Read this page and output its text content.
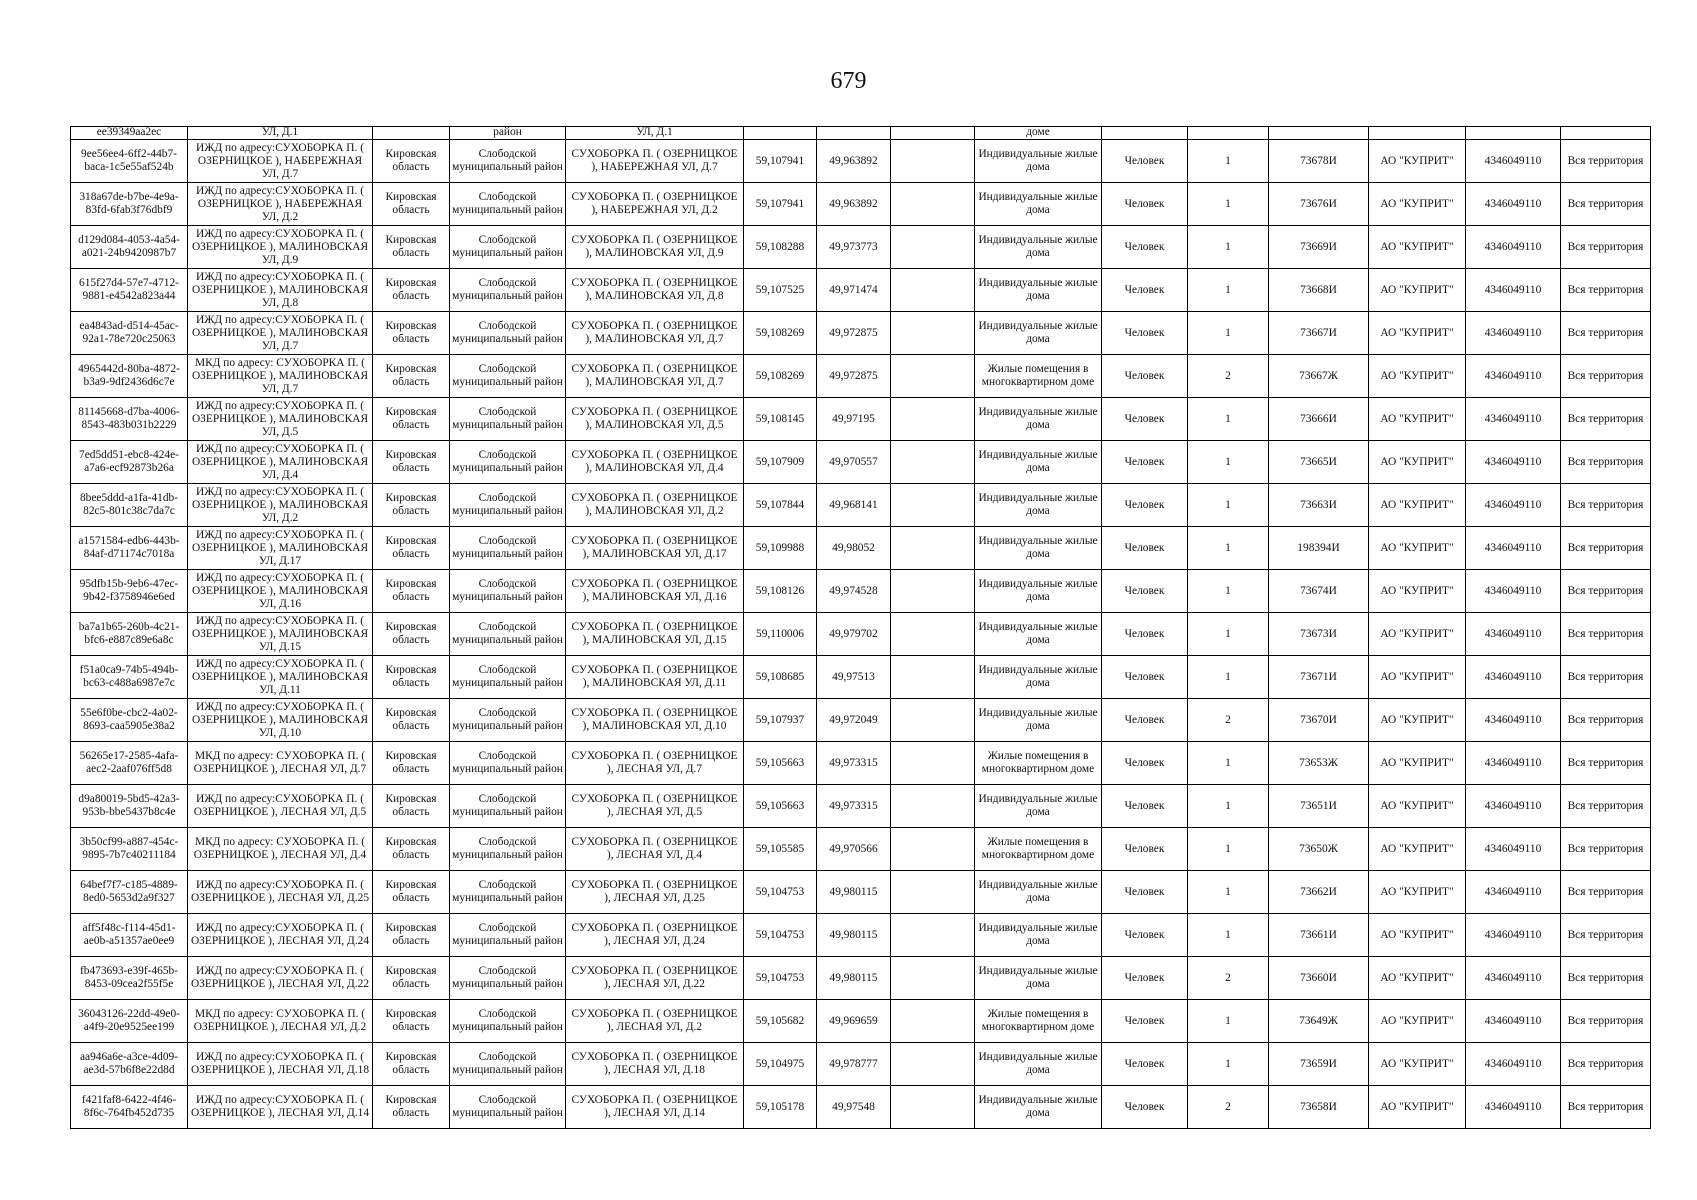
679
ee39349aa2ec	УЛ, Д.1		район	УЛ, Д.1				доме						
9ee56ee4-6ff2-44b7-baca-1c5e55af524b	ИЖД по адресу:СУХОБОРКА П. ( ОЗЕРНИЦКОЕ ), НАБЕРЕЖНАЯ УЛ, Д.7	Кировская область	Слободской муниципальный район	СУХОБОРКА П. ( ОЗЕРНИЦКОЕ ), НАБЕРЕЖНАЯ УЛ, Д.7	59,107941	49,963892		Индивидуальные жилые дома	Человек	1	73678И	АО "КУПРИТ"	4346049110	Вся территория
318a67de-b7be-4e9a-83fd-6fab3f76dbf9	ИЖД по адресу:СУХОБОРКА П. ( ОЗЕРНИЦКОЕ ), НАБЕРЕЖНАЯ УЛ, Д.2	Кировская область	Слободской муниципальный район	СУХОБОРКА П. ( ОЗЕРНИЦКОЕ ), НАБЕРЕЖНАЯ УЛ, Д.2	59,107941	49,963892		Индивидуальные жилые дома	Человек	1	73676И	АО "КУПРИТ"	4346049110	Вся территория
d129d084-4053-4a54-a021-24b9420987b7	ИЖД по адресу:СУХОБОРКА П. ( ОЗЕРНИЦКОЕ ), МАЛИНОВСКАЯ УЛ, Д.9	Кировская область	Слободской муниципальный район	СУХОБОРКА П. ( ОЗЕРНИЦКОЕ ), МАЛИНОВСКАЯ УЛ, Д.9	59,108288	49,973773		Индивидуальные жилые дома	Человек	1	73669И	АО "КУПРИТ"	4346049110	Вся территория
615f27d4-57e7-4712-9881-e4542a823a44	ИЖД по адресу:СУХОБОРКА П. ( ОЗЕРНИЦКОЕ ), МАЛИНОВСКАЯ УЛ, Д.8	Кировская область	Слободской муниципальный район	СУХОБОРКА П. ( ОЗЕРНИЦКОЕ ), МАЛИНОВСКАЯ УЛ, Д.8	59,107525	49,971474		Индивидуальные жилые дома	Человек	1	73668И	АО "КУПРИТ"	4346049110	Вся территория
ea4843ad-d514-45ac-92a1-78e720c25063	ИЖД по адресу:СУХОБОРКА П. ( ОЗЕРНИЦКОЕ ), МАЛИНОВСКАЯ УЛ, Д.7	Кировская область	Слободской муниципальный район	СУХОБОРКА П. ( ОЗЕРНИЦКОЕ ), МАЛИНОВСКАЯ УЛ, Д.7	59,108269	49,972875		Индивидуальные жилые дома	Человек	1	73667И	АО "КУПРИТ"	4346049110	Вся территория
4965442d-80ba-4872-b3a9-9df2436d6c7e	МКД по адресу: СУХОБОРКА П. ( ОЗЕРНИЦКОЕ ), МАЛИНОВСКАЯ УЛ, Д.7	Кировская область	Слободской муниципальный район	СУХОБОРКА П. ( ОЗЕРНИЦКОЕ ), МАЛИНОВСКАЯ УЛ, Д.7	59,108269	49,972875		Жилые помещения в многоквартирном доме	Человек	2	73667Ж	АО "КУПРИТ"	4346049110	Вся территория
81145668-d7ba-4006-8543-483b031b2229	ИЖД по адресу:СУХОБОРКА П. ( ОЗЕРНИЦКОЕ ), МАЛИНОВСКАЯ УЛ, Д.5	Кировская область	Слободской муниципальный район	СУХОБОРКА П. ( ОЗЕРНИЦКОЕ ), МАЛИНОВСКАЯ УЛ, Д.5	59,108145	49,97195		Индивидуальные жилые дома	Человек	1	73666И	АО "КУПРИТ"	4346049110	Вся территория
7ed5dd51-ebc8-424e-a7a6-ecf92873b26a	ИЖД по адресу:СУХОБОРКА П. ( ОЗЕРНИЦКОЕ ), МАЛИНОВСКАЯ УЛ, Д.4	Кировская область	Слободской муниципальный район	СУХОБОРКА П. ( ОЗЕРНИЦКОЕ ), МАЛИНОВСКАЯ УЛ, Д.4	59,107909	49,970557		Индивидуальные жилые дома	Человек	1	73665И	АО "КУПРИТ"	4346049110	Вся территория
8bee5ddd-a1fa-41db-82c5-801c38c7da7c	ИЖД по адресу:СУХОБОРКА П. ( ОЗЕРНИЦКОЕ ), МАЛИНОВСКАЯ УЛ, Д.2	Кировская область	Слободской муниципальный район	СУХОБОРКА П. ( ОЗЕРНИЦКОЕ ), МАЛИНОВСКАЯ УЛ, Д.2	59,107844	49,968141		Индивидуальные жилые дома	Человек	1	73663И	АО "КУПРИТ"	4346049110	Вся территория
a1571584-edb6-443b-84af-d71174c7018a	ИЖД по адресу:СУХОБОРКА П. ( ОЗЕРНИЦКОЕ ), МАЛИНОВСКАЯ УЛ, Д.17	Кировская область	Слободской муниципальный район	СУХОБОРКА П. ( ОЗЕРНИЦКОЕ ), МАЛИНОВСКАЯ УЛ, Д.17	59,109988	49,98052		Индивидуальные жилые дома	Человек	1	198394И	АО "КУПРИТ"	4346049110	Вся территория
95dfb15b-9eb6-47ec-9b42-f3758946e6ed	ИЖД по адресу:СУХОБОРКА П. ( ОЗЕРНИЦКОЕ ), МАЛИНОВСКАЯ УЛ, Д.16	Кировская область	Слободской муниципальный район	СУХОБОРКА П. ( ОЗЕРНИЦКОЕ ), МАЛИНОВСКАЯ УЛ, Д.16	59,108126	49,974528		Индивидуальные жилые дома	Человек	1	73674И	АО "КУПРИТ"	4346049110	Вся территория
ba7a1b65-260b-4c21-bfc6-e887c89e6a8c	ИЖД по адресу:СУХОБОРКА П. ( ОЗЕРНИЦКОЕ ), МАЛИНОВСКАЯ УЛ, Д.15	Кировская область	Слободской муниципальный район	СУХОБОРКА П. ( ОЗЕРНИЦКОЕ ), МАЛИНОВСКАЯ УЛ, Д.15	59,110006	49,979702		Индивидуальные жилые дома	Человек	1	73673И	АО "КУПРИТ"	4346049110	Вся территория
f51a0ca9-74b5-494b-bc63-c488a6987e7c	ИЖД по адресу:СУХОБОРКА П. ( ОЗЕРНИЦКОЕ ), МАЛИНОВСКАЯ УЛ, Д.11	Кировская область	Слободской муниципальный район	СУХОБОРКА П. ( ОЗЕРНИЦКОЕ ), МАЛИНОВСКАЯ УЛ, Д.11	59,108685	49,97513		Индивидуальные жилые дома	Человек	1	73671И	АО "КУПРИТ"	4346049110	Вся территория
55e6f0be-cbc2-4a02-8693-caa5905e38a2	ИЖД по адресу:СУХОБОРКА П. ( ОЗЕРНИЦКОЕ ), МАЛИНОВСКАЯ УЛ, Д.10	Кировская область	Слободской муниципальный район	СУХОБОРКА П. ( ОЗЕРНИЦКОЕ ), МАЛИНОВСКАЯ УЛ, Д.10	59,107937	49,972049		Индивидуальные жилые дома	Человек	2	73670И	АО "КУПРИТ"	4346049110	Вся территория
56265e17-2585-4afa-aec2-2aaf076ff5d8	МКД по адресу: СУХОБОРКА П. ( ОЗЕРНИЦКОЕ ), ЛЕСНАЯ УЛ, Д.7	Кировская область	Слободской муниципальный район	СУХОБОРКА П. ( ОЗЕРНИЦКОЕ ), ЛЕСНАЯ УЛ, Д.7	59,105663	49,973315		Жилые помещения в многоквартирном доме	Человек	1	73653Ж	АО "КУПРИТ"	4346049110	Вся территория
d9a80019-5bd5-42a3-953b-bbe5437b8c4e	ИЖД по адресу:СУХОБОРКА П. ( ОЗЕРНИЦКОЕ ), ЛЕСНАЯ УЛ, Д.5	Кировская область	Слободской муниципальный район	СУХОБОРКА П. ( ОЗЕРНИЦКОЕ ), ЛЕСНАЯ УЛ, Д.5	59,105663	49,973315		Индивидуальные жилые дома	Человек	1	73651И	АО "КУПРИТ"	4346049110	Вся территория
3b50cf99-a887-454c-9895-7b7c40211184	МКД по адресу: СУХОБОРКА П. ( ОЗЕРНИЦКОЕ ), ЛЕСНАЯ УЛ, Д.4	Кировская область	Слободской муниципальный район	СУХОБОРКА П. ( ОЗЕРНИЦКОЕ ), ЛЕСНАЯ УЛ, Д.4	59,105585	49,970566		Жилые помещения в многоквартирном доме	Человек	1	73650Ж	АО "КУПРИТ"	4346049110	Вся территория
64bef7f7-c185-4889-8ed0-5653d2a9f327	ИЖД по адресу:СУХОБОРКА П. ( ОЗЕРНИЦКОЕ ), ЛЕСНАЯ УЛ, Д.25	Кировская область	Слободской муниципальный район	СУХОБОРКА П. ( ОЗЕРНИЦКОЕ ), ЛЕСНАЯ УЛ, Д.25	59,104753	49,980115		Индивидуальные жилые дома	Человек	1	73662И	АО "КУПРИТ"	4346049110	Вся территория
aff5f48c-f114-45d1-ae0b-a51357ae0ee9	ИЖД по адресу:СУХОБОРКА П. ( ОЗЕРНИЦКОЕ ), ЛЕСНАЯ УЛ, Д.24	Кировская область	Слободской муниципальный район	СУХОБОРКА П. ( ОЗЕРНИЦКОЕ ), ЛЕСНАЯ УЛ, Д.24	59,104753	49,980115		Индивидуальные жилые дома	Человек	1	73661И	АО "КУПРИТ"	4346049110	Вся территория
fb473693-e39f-465b-8453-09cea2f55f5e	ИЖД по адресу:СУХОБОРКА П. ( ОЗЕРНИЦКОЕ ), ЛЕСНАЯ УЛ, Д.22	Кировская область	Слободской муниципальный район	СУХОБОРКА П. ( ОЗЕРНИЦКОЕ ), ЛЕСНАЯ УЛ, Д.22	59,104753	49,980115		Индивидуальные жилые дома	Человек	2	73660И	АО "КУПРИТ"	4346049110	Вся территория
36043126-22dd-49e0-a4f9-20e9525ee199	МКД по адресу: СУХОБОРКА П. ( ОЗЕРНИЦКОЕ ), ЛЕСНАЯ УЛ, Д.2	Кировская область	Слободской муниципальный район	СУХОБОРКА П. ( ОЗЕРНИЦКОЕ ), ЛЕСНАЯ УЛ, Д.2	59,105682	49,969659		Жилые помещения в многоквартирном доме	Человек	1	73649Ж	АО "КУПРИТ"	4346049110	Вся территория
aa946a6e-a3ce-4d09-ae3d-57b6f8e22d8d	ИЖД по адресу:СУХОБОРКА П. ( ОЗЕРНИЦКОЕ ), ЛЕСНАЯ УЛ, Д.18	Кировская область	Слободской муниципальный район	СУХОБОРКА П. ( ОЗЕРНИЦКОЕ ), ЛЕСНАЯ УЛ, Д.18	59,104975	49,978777		Индивидуальные жилые дома	Человек	1	73659И	АО "КУПРИТ"	4346049110	Вся территория
f421faf8-6422-4f46-8f6c-764fb452d735	ИЖД по адресу:СУХОБОРКА П. ( ОЗЕРНИЦКОЕ ), ЛЕСНАЯ УЛ, Д.14	Кировская область	Слободской муниципальный район	СУХОБОРКА П. ( ОЗЕРНИЦКОЕ ), ЛЕСНАЯ УЛ, Д.14	59,105178	49,97548		Индивидуальные жилые дома	Человек	2	73658И	АО "КУПРИТ"	4346049110	Вся территория
